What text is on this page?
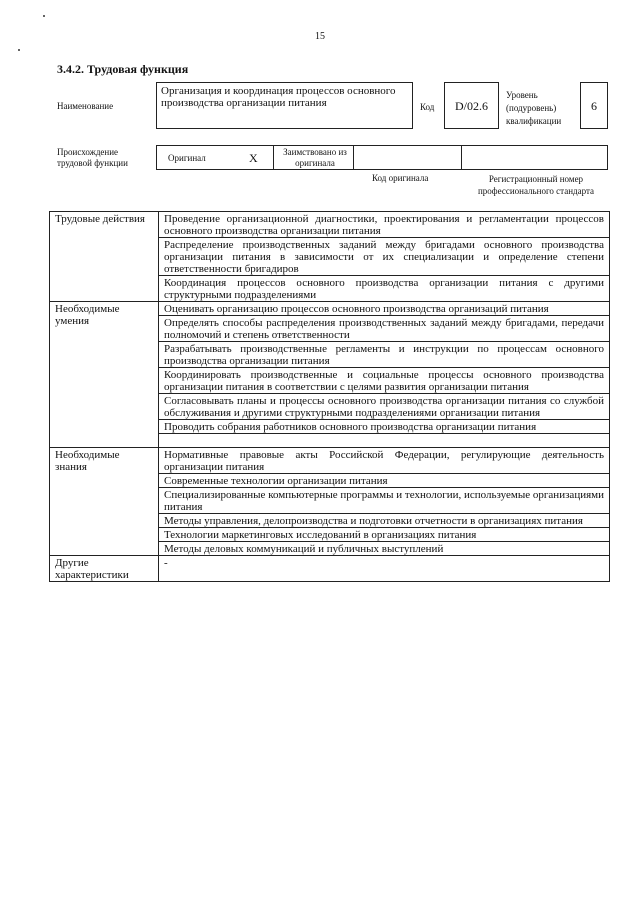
15
3.4.2. Трудовая функция
Наименование
Организация и координация процессов основного производства организации питания	Код	D/02.6
Уровень (подуровень) квалификации
6
Происхождение трудовой функции	Оригинал	X	Заимствовано из оригинала
Код оригинала	Регистрационный номер профессионального стандарта
Трудовые действия	Проведение организационной диагностики, проектирования и регламентации процессов основного производства организации питания
	Распределение производственных заданий между бригадами основного производства организации питания в зависимости от их специализации и определение степени ответственности бригадиров
	Координация процессов основного производства организации питания с другими структурными подразделениями
Необходимые умения	Оценивать организацию процессов основного производства организаций питания
	Определять способы распределения производственных заданий между бригадами, передачи полномочий и степень ответственности
	Разрабатывать производственные регламенты и инструкции по процессам основного производства организации питания
	Координировать производственные и социальные процессы основного производства организации питания в соответствии с целями развития организации питания
	Согласовывать планы и процессы основного производства организации питания со службой обслуживания и другими структурными подразделениями организации питания
	Проводить собрания работников основного производства организации питания

Необходимые знания	Нормативные правовые акты Российской Федерации, регулирующие деятельность организации питания
	Современные технологии организации питания
	Специализированные компьютерные программы и технологии, используемые организациями питания
	Методы управления, делопроизводства и подготовки отчетности в организациях питания
	Технологии маркетинговых исследований в организациях питания
	Методы деловых коммуникаций и публичных выступлений
Другие характеристики	-
